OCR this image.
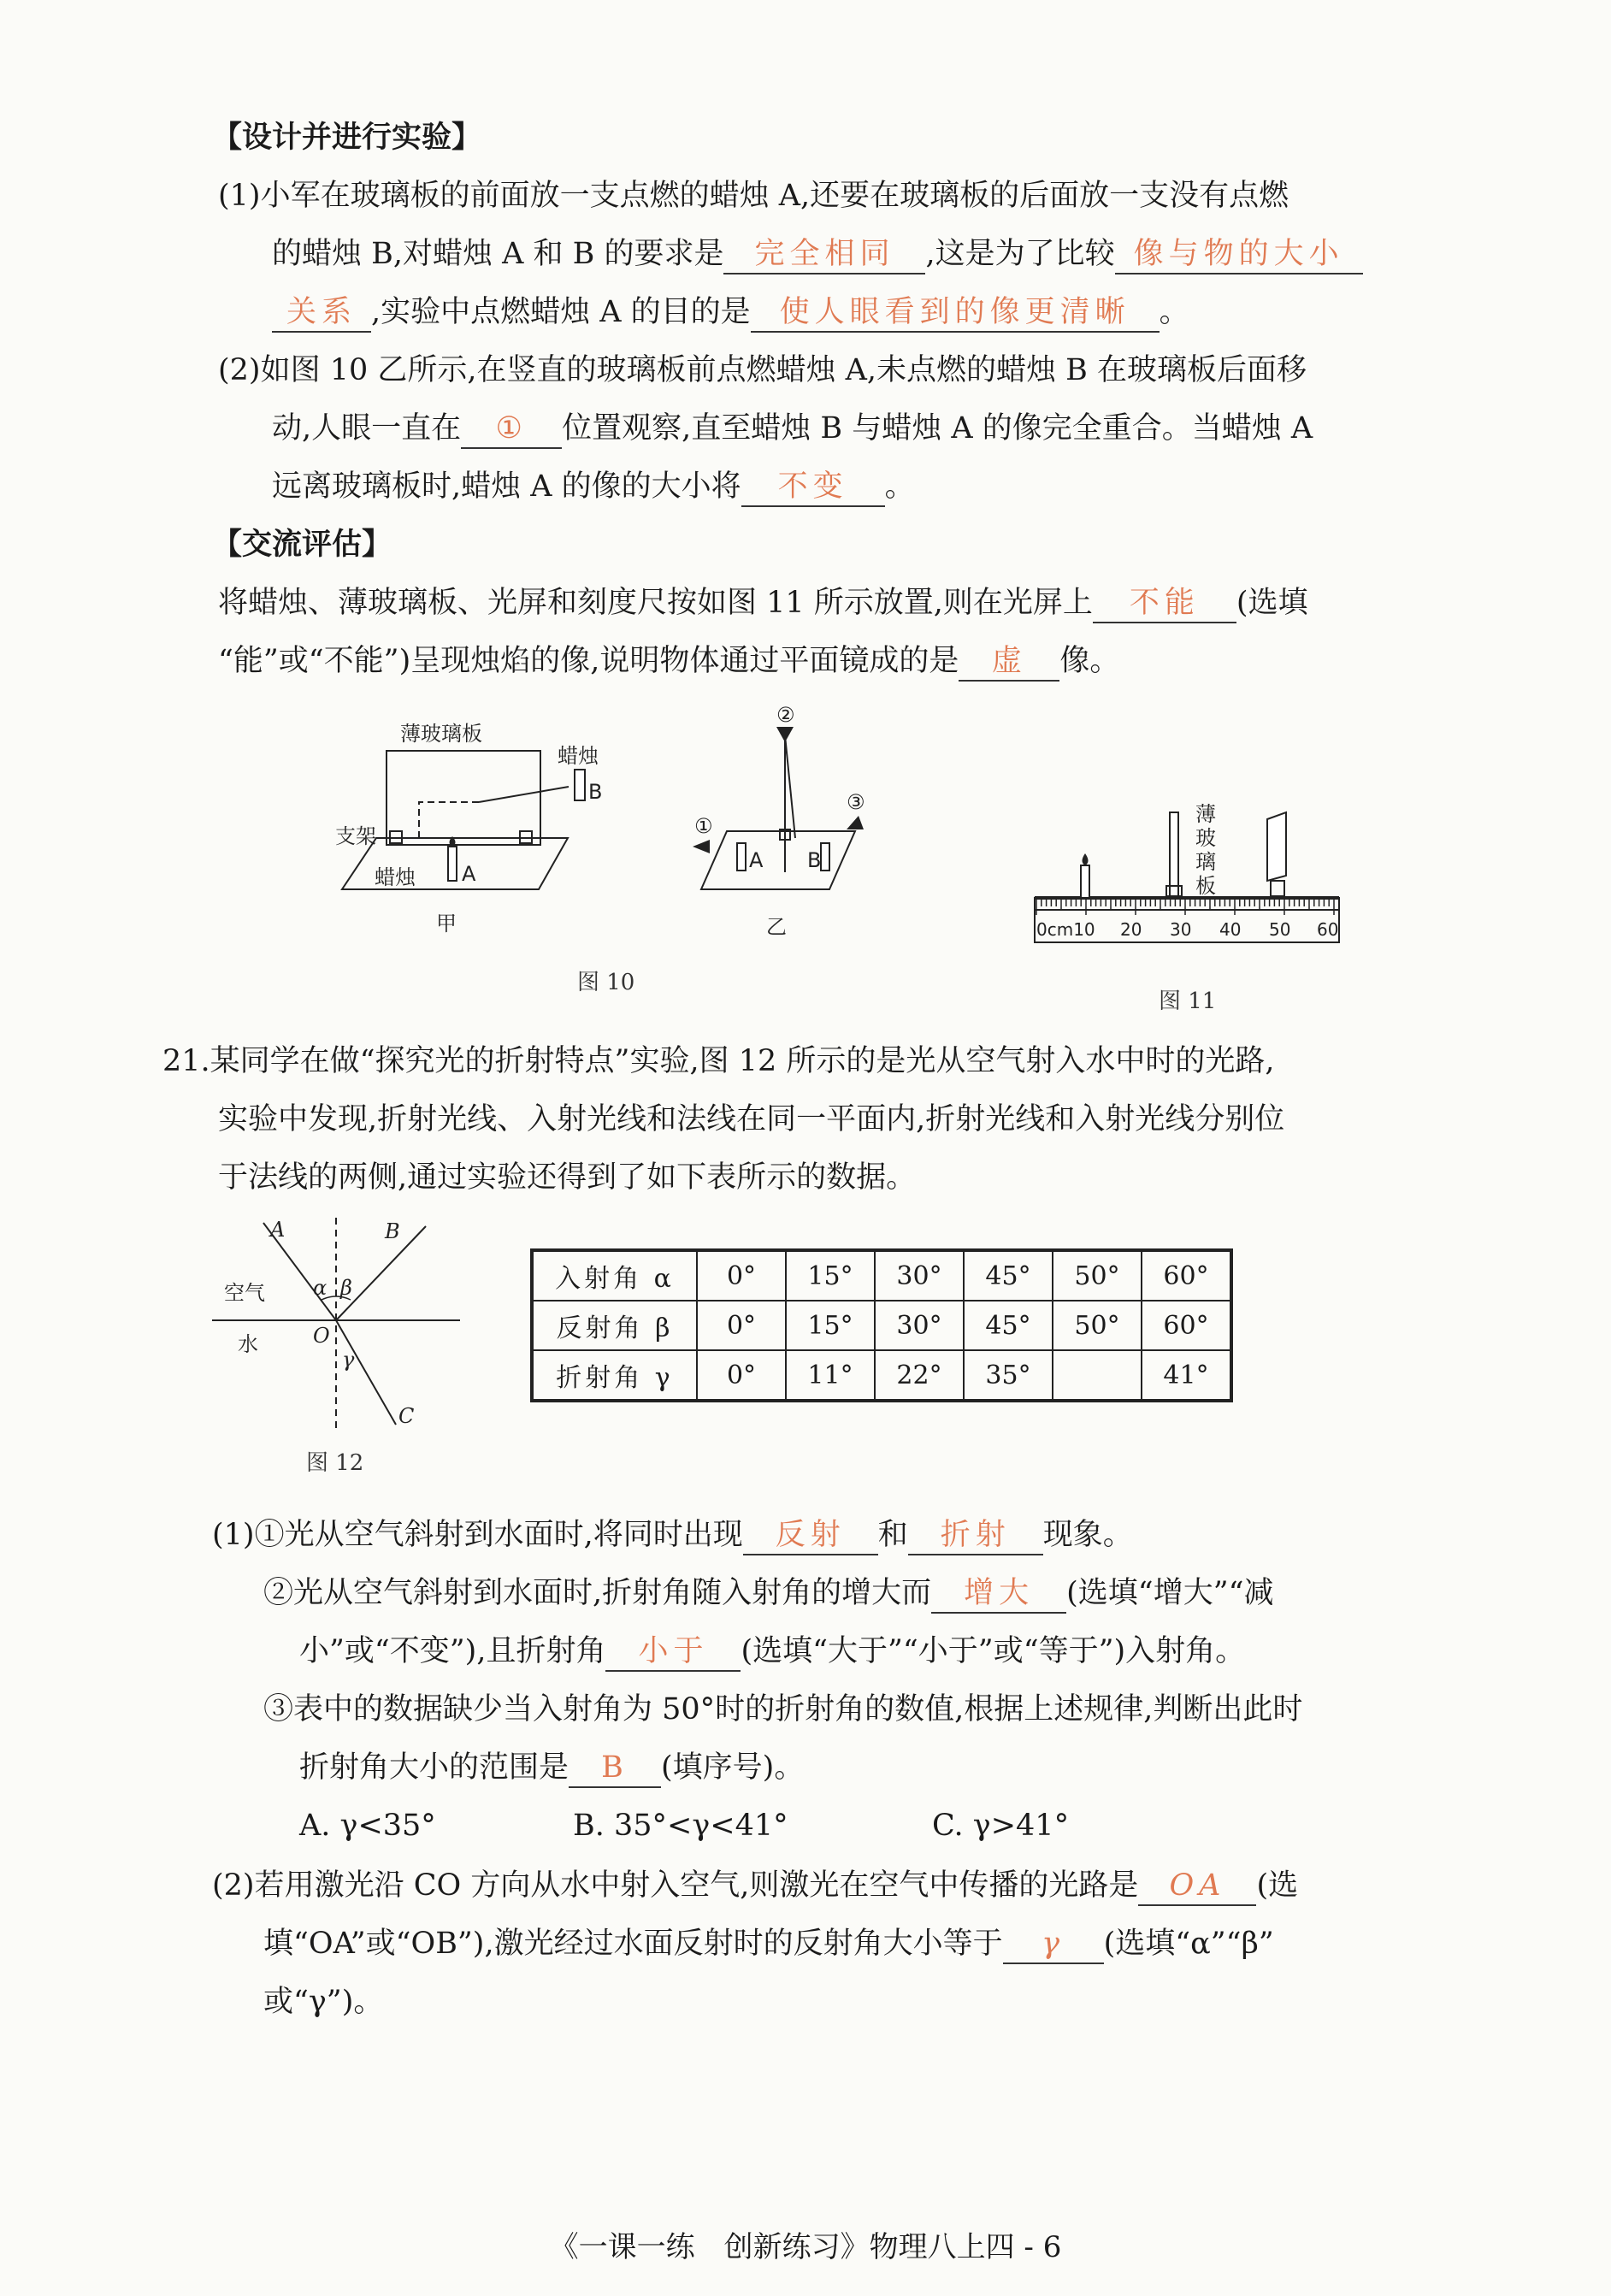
【设计并进行实验】
(1)小军在玻璃板的前面放一支点燃的蜡烛 A,还要在玻璃板的后面放一支没有点燃
的蜡烛 B,对蜡烛 A 和 B 的要求是 完全相同 ,这是为了比较 像与物的大小
关系 ,实验中点燃蜡烛 A 的目的是 使人眼看到的像更清晰 。
(2)如图 10 乙所示,在竖直的玻璃板前点燃蜡烛 A,未点燃的蜡烛 B 在玻璃板后面移
动,人眼一直在 ① 位置观察,直至蜡烛 B 与蜡烛 A 的像完全重合。当蜡烛 A
远离玻璃板时,蜡烛 A 的像的大小将 不变 。
【交流评估】
将蜡烛、薄玻璃板、光屏和刻度尺按如图 11 所示放置,则在光屏上 不能 (选填
“能”或“不能”)呈现烛焰的像,说明物体通过平面镜成的是 虚 像。
薄玻璃板
蜡烛
B
支架
蜡烛 A
甲
①
②
③
A B
乙
图 10
薄
玻
璃
板
0cm10 20 30 40 50 60
图 11
21.某同学在做“探究光的折射特点”实验,图 12 所示的是光从空气射入水中时的光路,
实验中发现,折射光线、入射光线和法线在同一平面内,折射光线和入射光线分别位
于法线的两侧,通过实验还得到了如下表所示的数据。
A	B
C
O
α β
γ
空气
水
图 12
入射角 α	0°	15°	30°	45°	50°	60°
反射角 β	0°	15°	30°	45°	50°	60°
折射角 γ	0°	11°	22°	35°		41°
(1)①光从空气斜射到水面时,将同时出现 反射 和 折射 现象。
②光从空气斜射到水面时,折射角随入射角的增大而 增大 (选填“增大”“减
小”或“不变”),且折射角 小于 (选填“大于”“小于”或“等于”)入射角。
③表中的数据缺少当入射角为 50°时的折射角的数值,根据上述规律,判断出此时
折射角大小的范围是 B (填序号)。
A. γ<35°	B. 35°<γ<41°	C. γ>41°
(2)若用激光沿 CO 方向从水中射入空气,则激光在空气中传播的光路是 OA (选
填“OA”或“OB”),激光经过水面反射时的反射角大小等于 γ (选填“α”“β”
或“γ”)。
《一课一练　创新练习》物理八上四 - 6
